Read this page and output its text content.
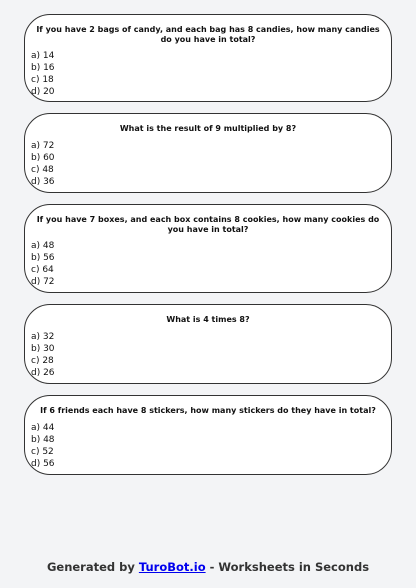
If you have 2 bags of candy, and each bag has 8 candies, how many candies do you have in total?
a) 14
b) 16
c) 18
d) 20
What is the result of 9 multiplied by 8?
a) 72
b) 60
c) 48
d) 36
If you have 7 boxes, and each box contains 8 cookies, how many cookies do you have in total?
a) 48
b) 56
c) 64
d) 72
What is 4 times 8?
a) 32
b) 30
c) 28
d) 26
If 6 friends each have 8 stickers, how many stickers do they have in total?
a) 44
b) 48
c) 52
d) 56
Generated by TuroBot.io - Worksheets in Seconds
